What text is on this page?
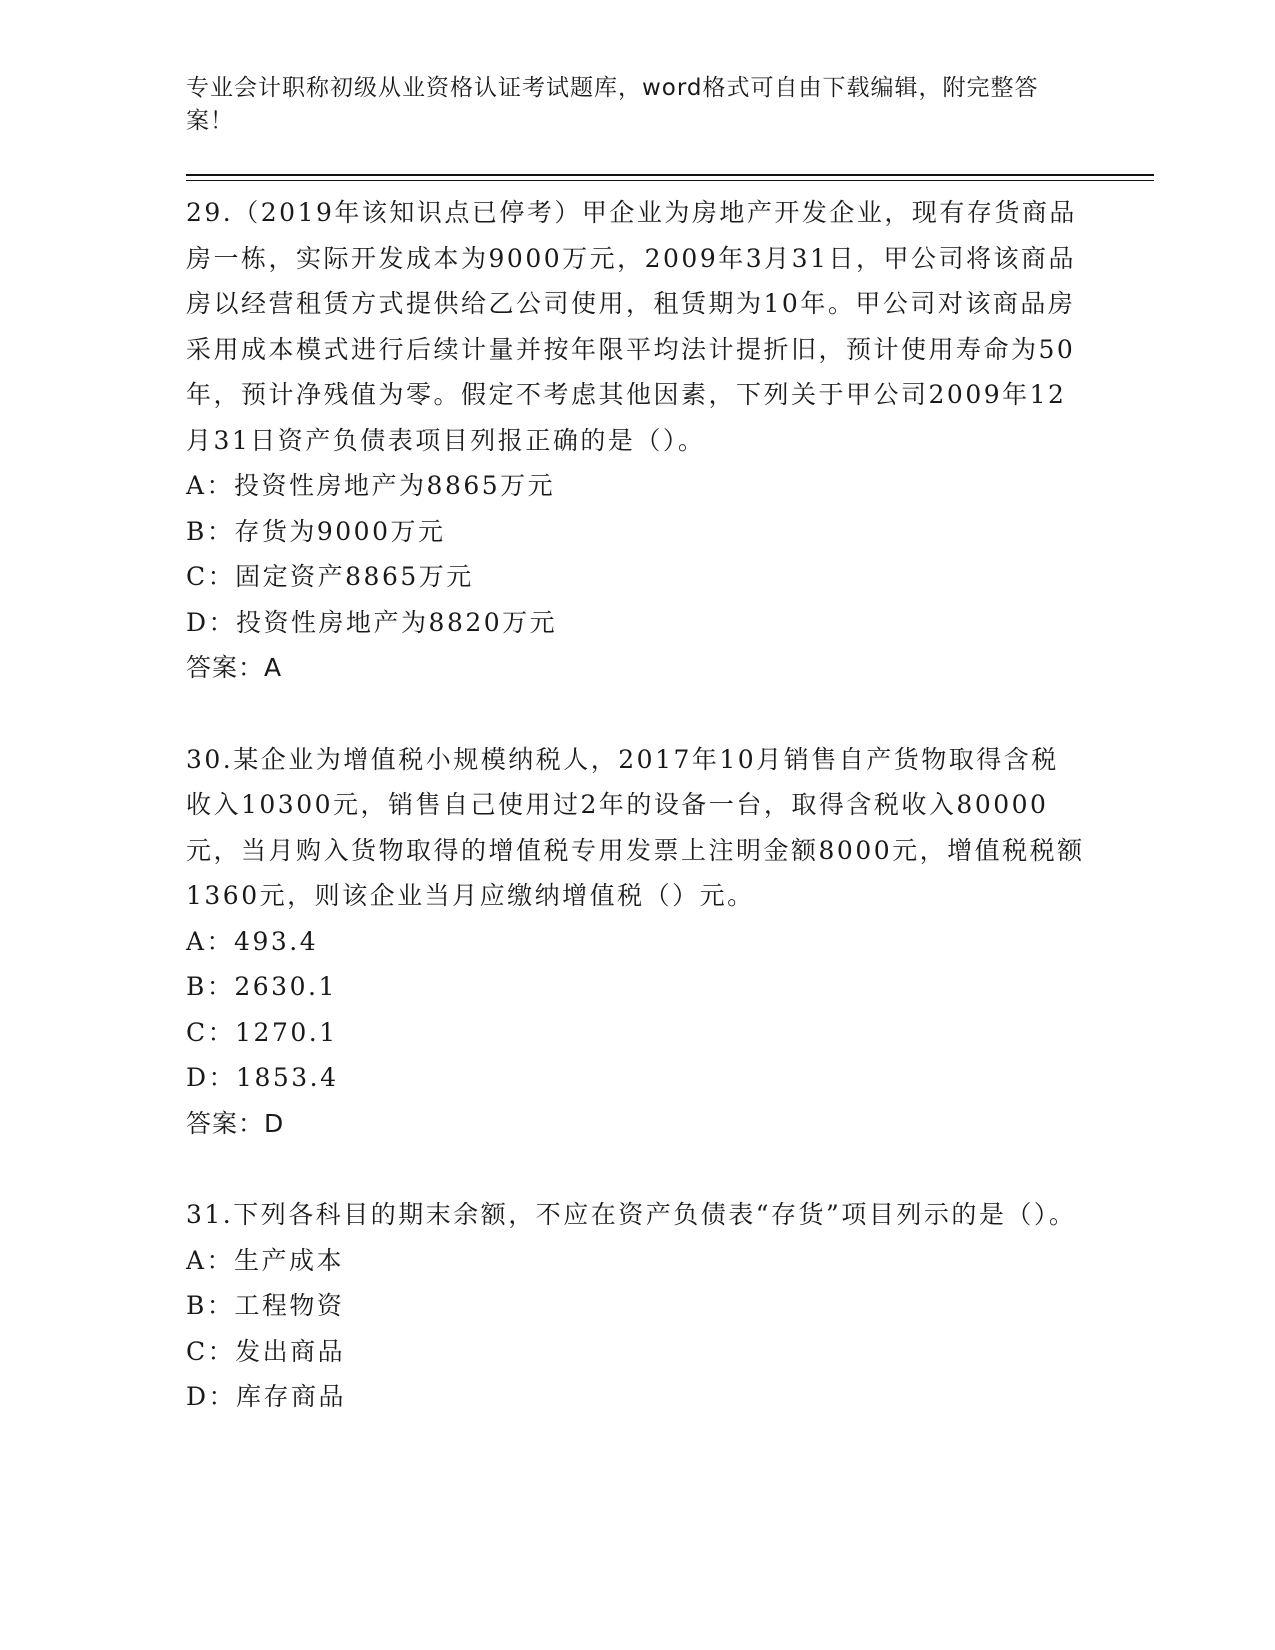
专业会计职称初级从业资格认证考试题库，word格式可自由下载编辑，附完整答案！

29.（2019年该知识点已停考）甲企业为房地产开发企业，现有存货商品房一栋，实际开发成本为9000万元，2009年3月31日，甲公司将该商品房以经营租赁方式提供给乙公司使用，租赁期为10年。甲公司对该商品房采用成本模式进行后续计量并按年限平均法计提折旧，预计使用寿命为50年，预计净残值为零。假定不考虑其他因素，下列关于甲公司2009年12月31日资产负债表项目列报正确的是（）。

A：投资性房地产为8865万元

B：存货为9000万元

C：固定资产8865万元

D：投资性房地产为8820万元

答案：A

30.某企业为增值税小规模纳税人，2017年10月销售自产货物取得含税收入10300元，销售自己使用过2年的设备一台，取得含税收入80000元，当月购入货物取得的增值税专用发票上注明金额8000元，增值税税额1360元，则该企业当月应缴纳增值税（）元。

A：493.4

B：2630.1

C：1270.1

D：1853.4

答案：D

31.下列各科目的期末余额，不应在资产负债表“存货”项目列示的是（）。

A：生产成本

B：工程物资

C：发出商品

D：库存商品
